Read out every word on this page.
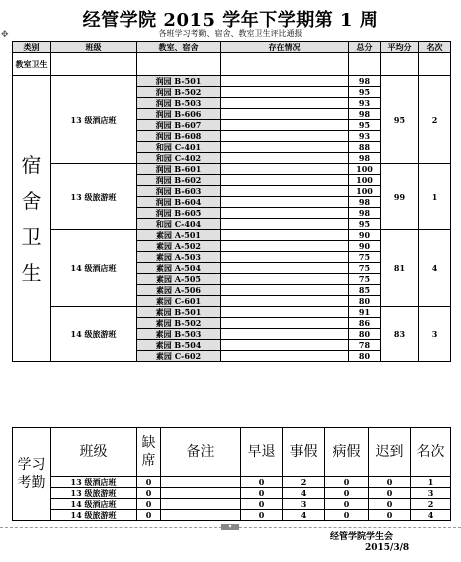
经管学院 2015 学年下学期第 1 周
各班学习考勤、宿舍、教室卫生评比通报
✥
类别	班级	教室、宿舍	存在情况	总分	平均分	名次
教室卫生						
宿舍卫生	13 级酒店班	润园 B-501		98	95	2
		润园 B-502		95		
		润园 B-503		93		
		润园 B-606		98		
		润园 B-607		95		
		润园 B-608		93		
		和园 C-401		88		
		和园 C-402		98		
	13 级旅游班	润园 B-601		100	99	1
		润园 B-602		100		
		润园 B-603		100		
		润园 B-604		98		
		润园 B-605		98		
		和园 C-404		95		
	14 级酒店班	素园 A-501		90	81	4
		素园 A-502		90		
		素园 A-503		75		
		素园 A-504		75		
		素园 A-505		75		
		素园 A-506		85		
		素园 C-601		80		
	14 级旅游班	素园 B-501		91	83	3
		素园 B-502		86		
		素园 B-503		80		
		素园 B-504		78		
		素园 C-602		80		
学习考勤	班级	缺席	备注	早退	事假	病假	迟到	名次
	13 级酒店班	0		0	2	0	0	1
	13 级旅游班	0		0	4	0	0	3
	14 级酒店班	0		0	3	0	0	2
	14 级旅游班	0		0	4	0	0	4
▾
经管学院学生会
2015/3/8
